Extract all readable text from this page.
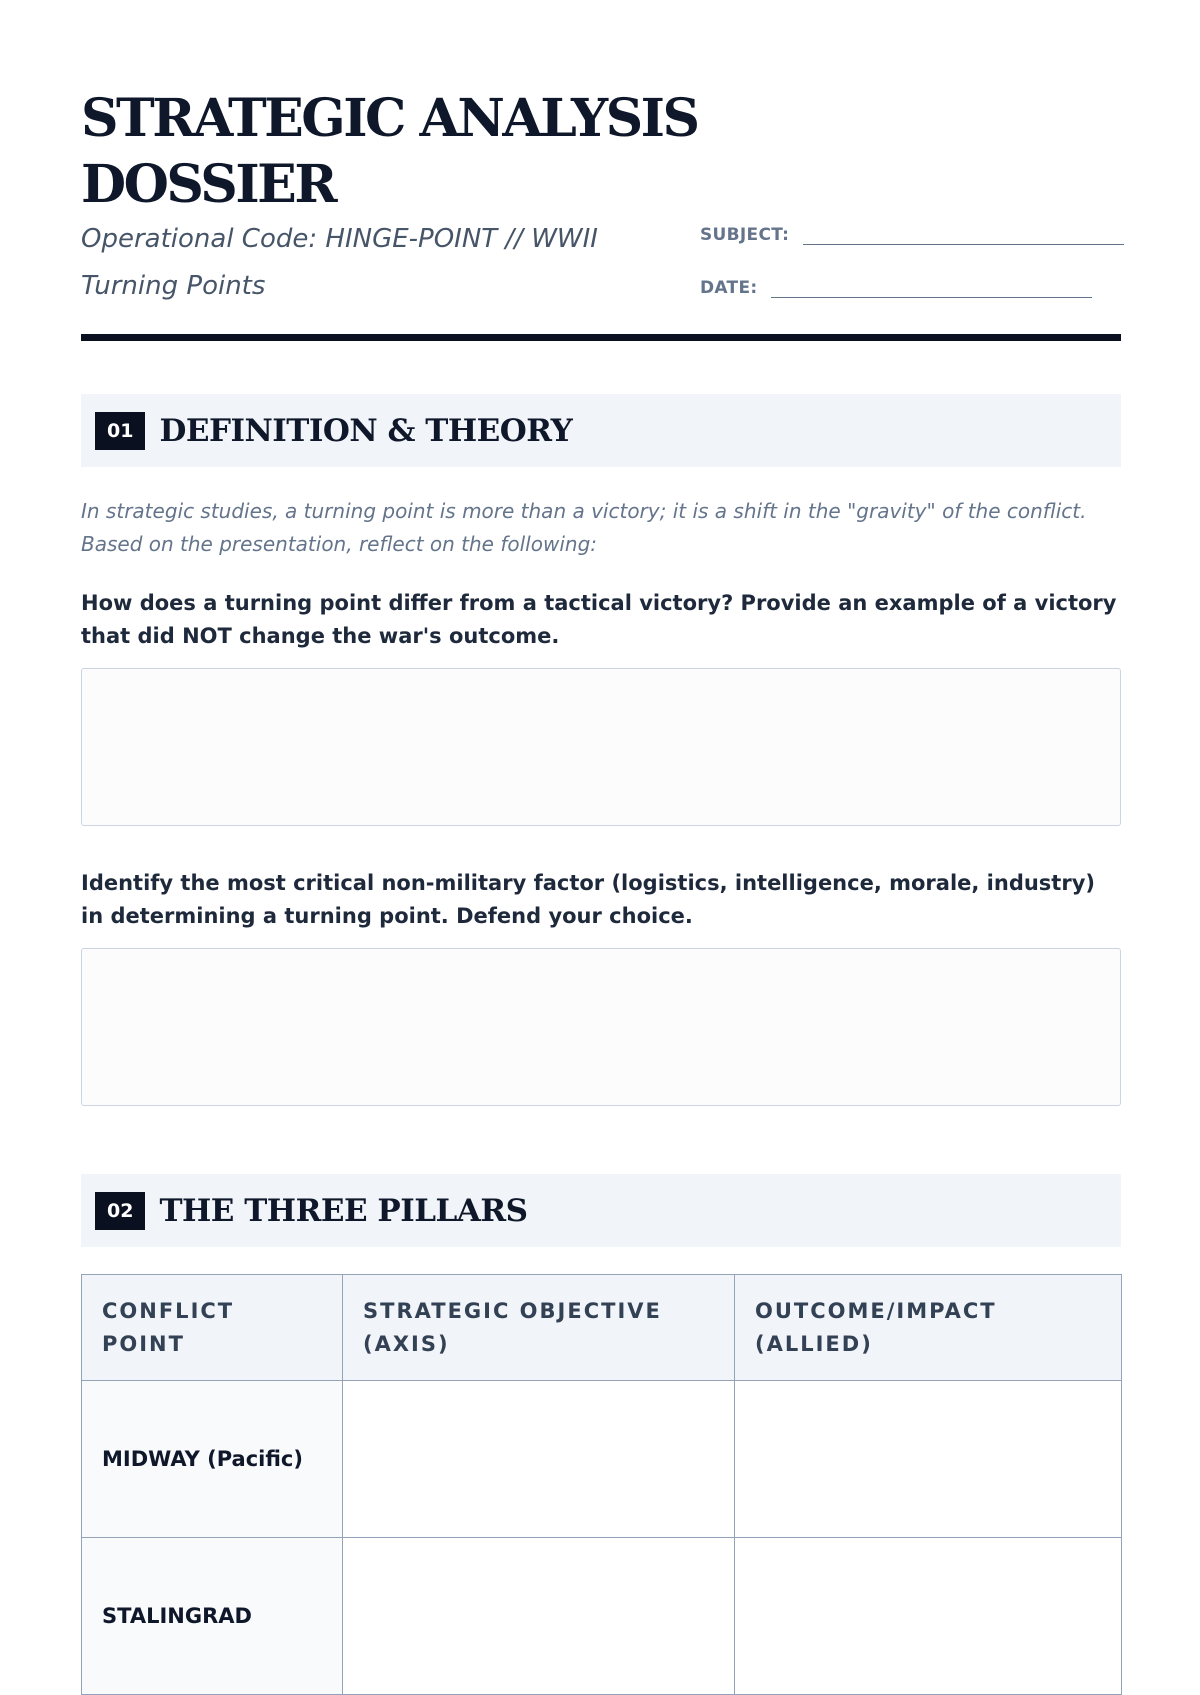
STRATEGIC ANALYSIS DOSSIER

Operational Code: HINGE-POINT // WWII Turning Points

SUBJECT:
DATE:
01 DEFINITION & THEORY

In strategic studies, a turning point is more than a victory; it is a shift in the "gravity" of the conflict. Based on the presentation, reflect on the following:

How does a turning point differ from a tactical victory? Provide an example of a victory that did NOT change the war's outcome.

Identify the most critical non-military factor (logistics, intelligence, morale, industry) in determining a turning point. Defend your choice.

02 THE THREE PILLARS
CONFLICT POINT	STRATEGIC OBJECTIVE (AXIS)	OUTCOME/IMPACT (ALLIED)
MIDWAY (Pacific)		
STALINGRAD		
